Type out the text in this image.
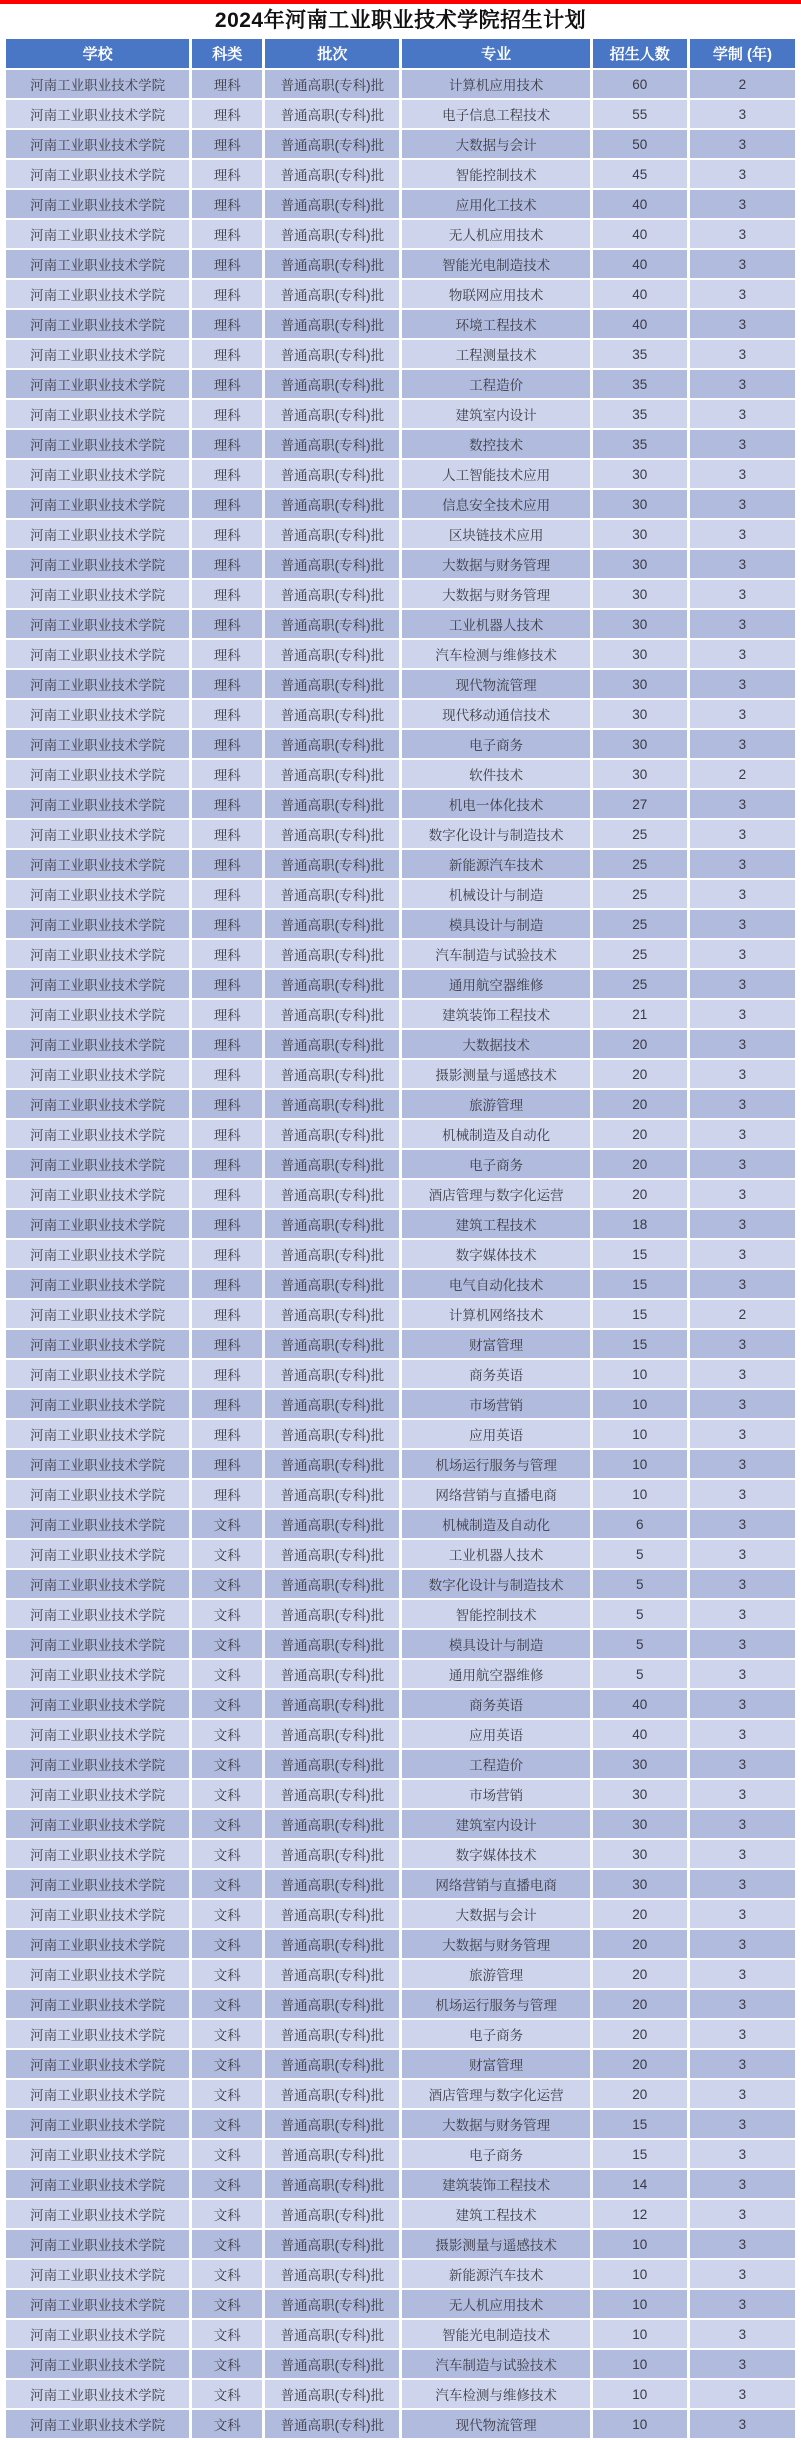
2024年河南工业职业技术学院招生计划
学校	科类	批次	专业	招生人数	学制 (年)
河南工业职业技术学院	理科	普通高职(专科)批	计算机应用技术	60	2
河南工业职业技术学院	理科	普通高职(专科)批	电子信息工程技术	55	3
河南工业职业技术学院	理科	普通高职(专科)批	大数据与会计	50	3
河南工业职业技术学院	理科	普通高职(专科)批	智能控制技术	45	3
河南工业职业技术学院	理科	普通高职(专科)批	应用化工技术	40	3
河南工业职业技术学院	理科	普通高职(专科)批	无人机应用技术	40	3
河南工业职业技术学院	理科	普通高职(专科)批	智能光电制造技术	40	3
河南工业职业技术学院	理科	普通高职(专科)批	物联网应用技术	40	3
河南工业职业技术学院	理科	普通高职(专科)批	环境工程技术	40	3
河南工业职业技术学院	理科	普通高职(专科)批	工程测量技术	35	3
河南工业职业技术学院	理科	普通高职(专科)批	工程造价	35	3
河南工业职业技术学院	理科	普通高职(专科)批	建筑室内设计	35	3
河南工业职业技术学院	理科	普通高职(专科)批	数控技术	35	3
河南工业职业技术学院	理科	普通高职(专科)批	人工智能技术应用	30	3
河南工业职业技术学院	理科	普通高职(专科)批	信息安全技术应用	30	3
河南工业职业技术学院	理科	普通高职(专科)批	区块链技术应用	30	3
河南工业职业技术学院	理科	普通高职(专科)批	大数据与财务管理	30	3
河南工业职业技术学院	理科	普通高职(专科)批	大数据与财务管理	30	3
河南工业职业技术学院	理科	普通高职(专科)批	工业机器人技术	30	3
河南工业职业技术学院	理科	普通高职(专科)批	汽车检测与维修技术	30	3
河南工业职业技术学院	理科	普通高职(专科)批	现代物流管理	30	3
河南工业职业技术学院	理科	普通高职(专科)批	现代移动通信技术	30	3
河南工业职业技术学院	理科	普通高职(专科)批	电子商务	30	3
河南工业职业技术学院	理科	普通高职(专科)批	软件技术	30	2
河南工业职业技术学院	理科	普通高职(专科)批	机电一体化技术	27	3
河南工业职业技术学院	理科	普通高职(专科)批	数字化设计与制造技术	25	3
河南工业职业技术学院	理科	普通高职(专科)批	新能源汽车技术	25	3
河南工业职业技术学院	理科	普通高职(专科)批	机械设计与制造	25	3
河南工业职业技术学院	理科	普通高职(专科)批	模具设计与制造	25	3
河南工业职业技术学院	理科	普通高职(专科)批	汽车制造与试验技术	25	3
河南工业职业技术学院	理科	普通高职(专科)批	通用航空器维修	25	3
河南工业职业技术学院	理科	普通高职(专科)批	建筑装饰工程技术	21	3
河南工业职业技术学院	理科	普通高职(专科)批	大数据技术	20	3
河南工业职业技术学院	理科	普通高职(专科)批	摄影测量与遥感技术	20	3
河南工业职业技术学院	理科	普通高职(专科)批	旅游管理	20	3
河南工业职业技术学院	理科	普通高职(专科)批	机械制造及自动化	20	3
河南工业职业技术学院	理科	普通高职(专科)批	电子商务	20	3
河南工业职业技术学院	理科	普通高职(专科)批	酒店管理与数字化运营	20	3
河南工业职业技术学院	理科	普通高职(专科)批	建筑工程技术	18	3
河南工业职业技术学院	理科	普通高职(专科)批	数字媒体技术	15	3
河南工业职业技术学院	理科	普通高职(专科)批	电气自动化技术	15	3
河南工业职业技术学院	理科	普通高职(专科)批	计算机网络技术	15	2
河南工业职业技术学院	理科	普通高职(专科)批	财富管理	15	3
河南工业职业技术学院	理科	普通高职(专科)批	商务英语	10	3
河南工业职业技术学院	理科	普通高职(专科)批	市场营销	10	3
河南工业职业技术学院	理科	普通高职(专科)批	应用英语	10	3
河南工业职业技术学院	理科	普通高职(专科)批	机场运行服务与管理	10	3
河南工业职业技术学院	理科	普通高职(专科)批	网络营销与直播电商	10	3
河南工业职业技术学院	文科	普通高职(专科)批	机械制造及自动化	6	3
河南工业职业技术学院	文科	普通高职(专科)批	工业机器人技术	5	3
河南工业职业技术学院	文科	普通高职(专科)批	数字化设计与制造技术	5	3
河南工业职业技术学院	文科	普通高职(专科)批	智能控制技术	5	3
河南工业职业技术学院	文科	普通高职(专科)批	模具设计与制造	5	3
河南工业职业技术学院	文科	普通高职(专科)批	通用航空器维修	5	3
河南工业职业技术学院	文科	普通高职(专科)批	商务英语	40	3
河南工业职业技术学院	文科	普通高职(专科)批	应用英语	40	3
河南工业职业技术学院	文科	普通高职(专科)批	工程造价	30	3
河南工业职业技术学院	文科	普通高职(专科)批	市场营销	30	3
河南工业职业技术学院	文科	普通高职(专科)批	建筑室内设计	30	3
河南工业职业技术学院	文科	普通高职(专科)批	数字媒体技术	30	3
河南工业职业技术学院	文科	普通高职(专科)批	网络营销与直播电商	30	3
河南工业职业技术学院	文科	普通高职(专科)批	大数据与会计	20	3
河南工业职业技术学院	文科	普通高职(专科)批	大数据与财务管理	20	3
河南工业职业技术学院	文科	普通高职(专科)批	旅游管理	20	3
河南工业职业技术学院	文科	普通高职(专科)批	机场运行服务与管理	20	3
河南工业职业技术学院	文科	普通高职(专科)批	电子商务	20	3
河南工业职业技术学院	文科	普通高职(专科)批	财富管理	20	3
河南工业职业技术学院	文科	普通高职(专科)批	酒店管理与数字化运营	20	3
河南工业职业技术学院	文科	普通高职(专科)批	大数据与财务管理	15	3
河南工业职业技术学院	文科	普通高职(专科)批	电子商务	15	3
河南工业职业技术学院	文科	普通高职(专科)批	建筑装饰工程技术	14	3
河南工业职业技术学院	文科	普通高职(专科)批	建筑工程技术	12	3
河南工业职业技术学院	文科	普通高职(专科)批	摄影测量与遥感技术	10	3
河南工业职业技术学院	文科	普通高职(专科)批	新能源汽车技术	10	3
河南工业职业技术学院	文科	普通高职(专科)批	无人机应用技术	10	3
河南工业职业技术学院	文科	普通高职(专科)批	智能光电制造技术	10	3
河南工业职业技术学院	文科	普通高职(专科)批	汽车制造与试验技术	10	3
河南工业职业技术学院	文科	普通高职(专科)批	汽车检测与维修技术	10	3
河南工业职业技术学院	文科	普通高职(专科)批	现代物流管理	10	3
